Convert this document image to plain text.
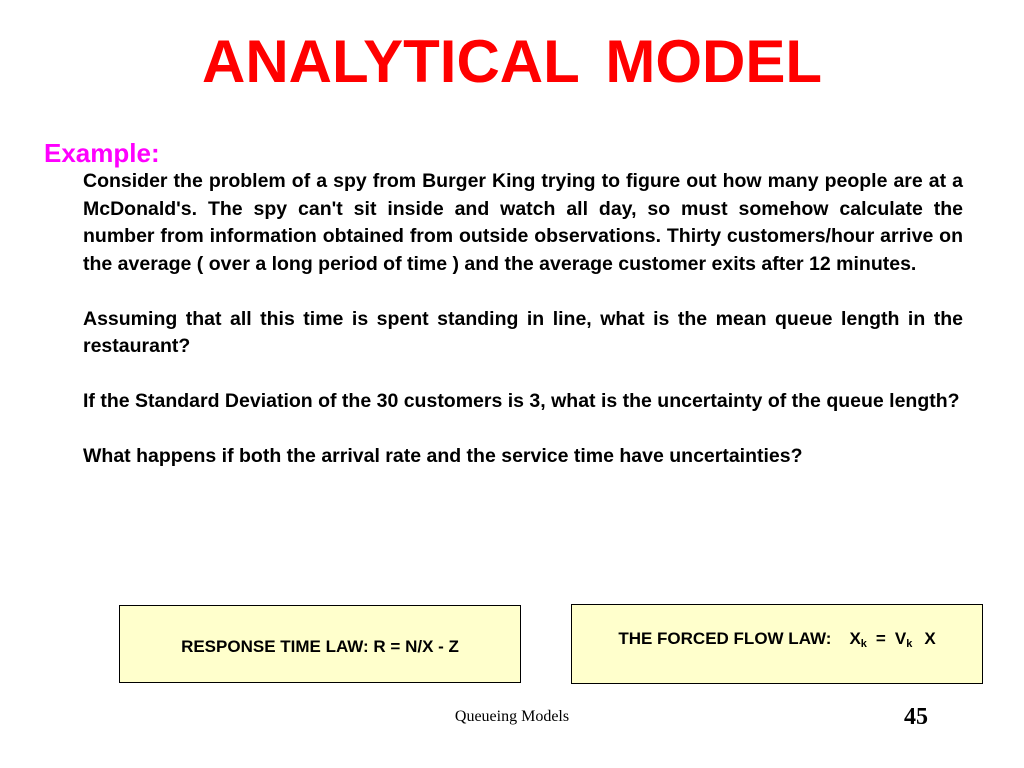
ANALYTICAL MODEL
Example:

Consider the problem of a spy from Burger King trying to figure out how many people are at a McDonald's. The spy can't sit inside and watch all day, so must somehow calculate the number from information obtained from outside observations. Thirty customers/hour arrive on the average ( over a long period of time ) and the average customer exits after 12 minutes.

Assuming that all this time is spent standing in line, what is the mean queue length in the restaurant?

If the Standard Deviation of the 30 customers is 3, what is the uncertainty of the queue length?

What happens if both the arrival rate and the service time have uncertainties?

RESPONSE TIME LAW: R = N/X - Z	THE FORCED FLOW LAW: $X_k = V_k$ X
Queueing Models	45
